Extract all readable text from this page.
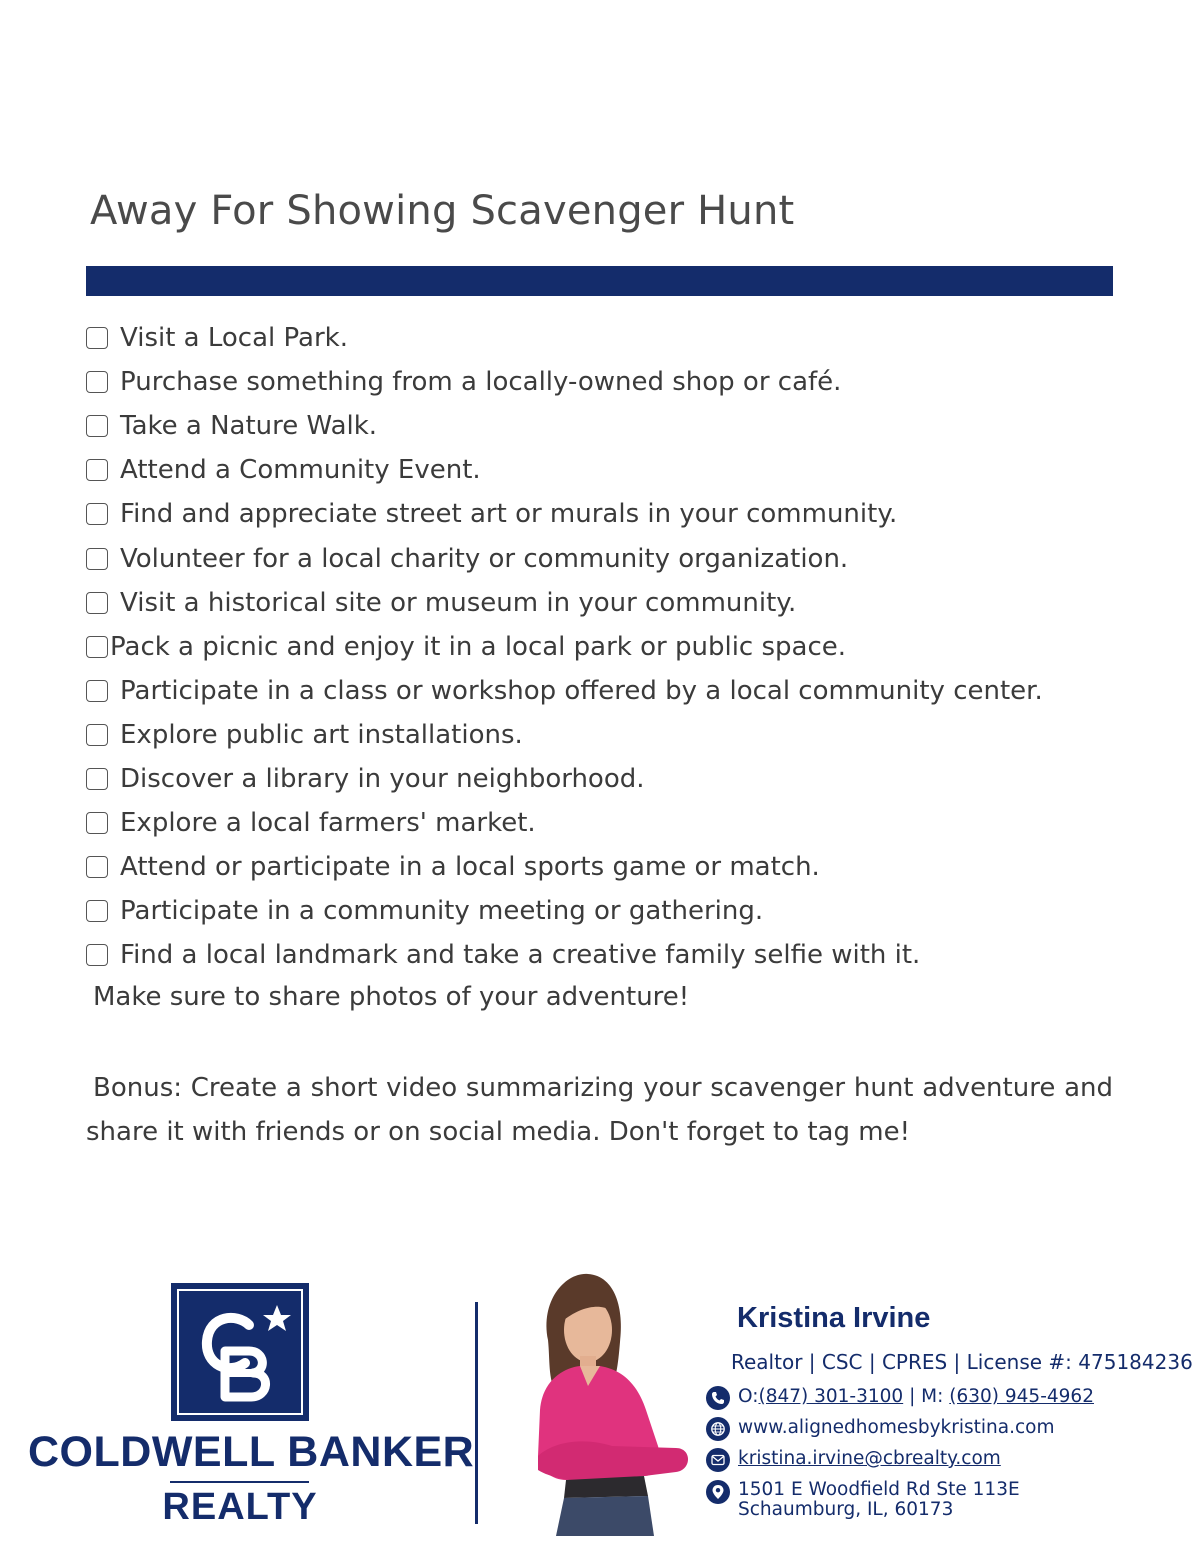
Away For Showing Scavenger Hunt
Visit a Local Park.
Purchase something from a locally-owned shop or café.
Take a Nature Walk.
Attend a Community Event.
Find and appreciate street art or murals in your community.
Volunteer for a local charity or community organization.
Visit a historical site or museum in your community.
Pack a picnic and enjoy it in a local park or public space.
Participate in a class or workshop offered by a local community center.
Explore public art installations.
Discover a library in your neighborhood.
Explore a local farmers' market.
Attend or participate in a local sports game or match.
Participate in a community meeting or gathering.
Find a local landmark and take a creative family selfie with it.
Make sure to share photos of your adventure!
Bonus: Create a short video summarizing your scavenger hunt adventure and share it with friends or on social media. Don't forget to tag me!
COLDWELL BANKER
REALTY
Kristina Irvine
Realtor | CSC | CPRES | License #: 475184236
O: (847) 301-3100 | M: (630) 945-4962
www.alignedhomesbykristina.com
kristina.irvine@cbrealty.com
1501 E Woodfield Rd Ste 113E
Schaumburg, IL, 60173
